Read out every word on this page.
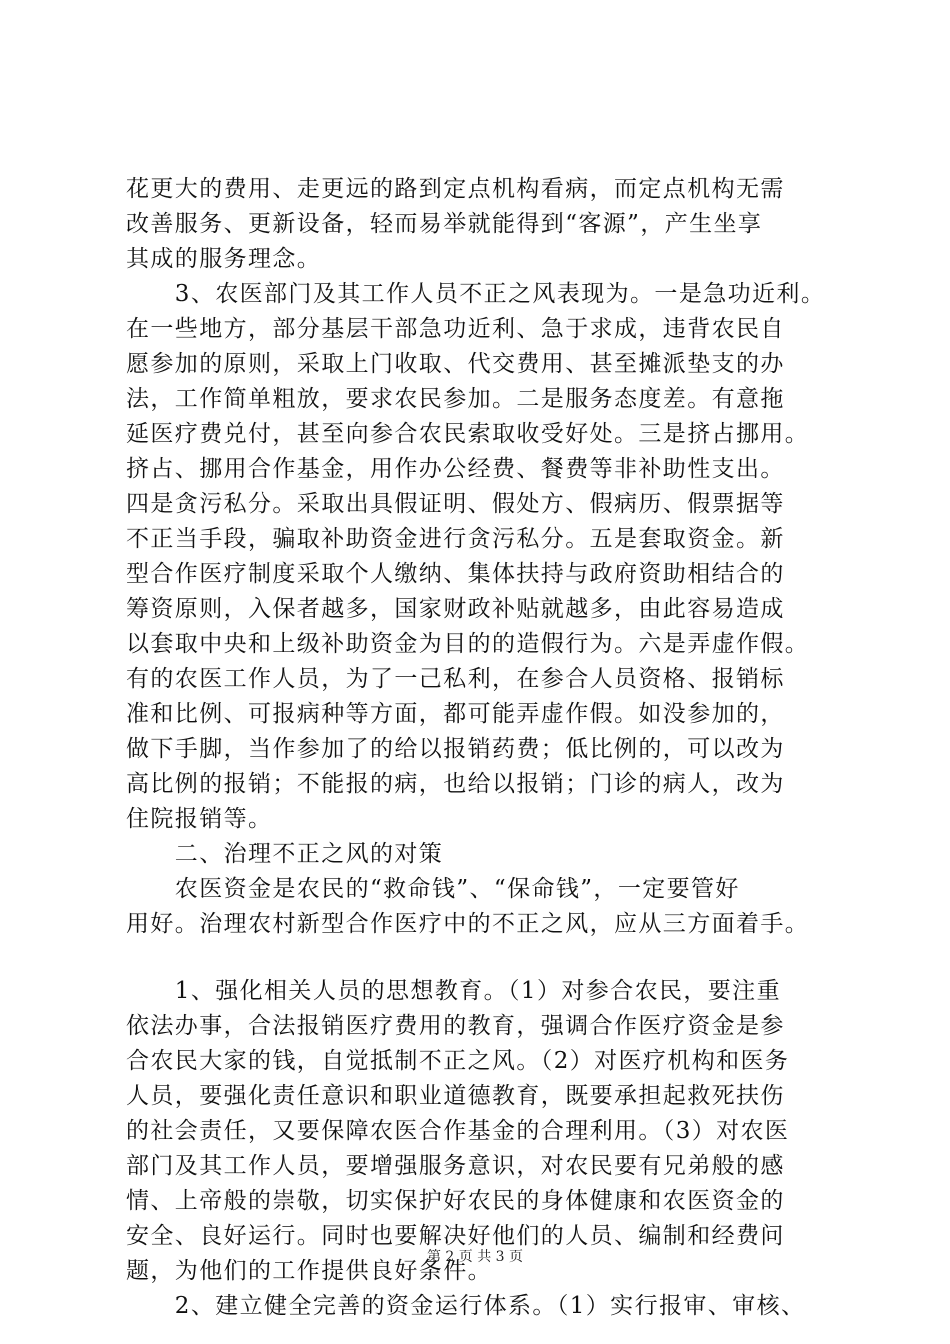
花更大的费用、走更远的路到定点机构看病，而定点机构无需
改善服务、更新设备，轻而易举就能得到“客源”，产生坐享
其成的服务理念。
　　3、农医部门及其工作人员不正之风表现为。一是急功近利。
在一些地方，部分基层干部急功近利、急于求成，违背农民自
愿参加的原则，采取上门收取、代交费用、甚至摊派垫支的办
法，工作简单粗放，要求农民参加。二是服务态度差。有意拖
延医疗费兑付，甚至向参合农民索取收受好处。三是挤占挪用。
挤占、挪用合作基金，用作办公经费、餐费等非补助性支出。
四是贪污私分。采取出具假证明、假处方、假病历、假票据等
不正当手段，骗取补助资金进行贪污私分。五是套取资金。新
型合作医疗制度采取个人缴纳、集体扶持与政府资助相结合的
筹资原则，入保者越多，国家财政补贴就越多，由此容易造成
以套取中央和上级补助资金为目的的造假行为。六是弄虚作假。
有的农医工作人员，为了一己私利，在参合人员资格、报销标
准和比例、可报病种等方面，都可能弄虚作假。如没参加的，
做下手脚，当作参加了的给以报销药费；低比例的，可以改为
高比例的报销；不能报的病，也给以报销；门诊的病人，改为
住院报销等。
　　二、治理不正之风的对策
　　农医资金是农民的“救命钱”、“保命钱”，一定要管好
用好。治理农村新型合作医疗中的不正之风，应从三方面着手。
　　1、强化相关人员的思想教育。（1）对参合农民，要注重
依法办事，合法报销医疗费用的教育，强调合作医疗资金是参
合农民大家的钱，自觉抵制不正之风。（2）对医疗机构和医务
人员，要强化责任意识和职业道德教育，既要承担起救死扶伤
的社会责任，又要保障农医合作基金的合理利用。（3）对农医
部门及其工作人员，要增强服务意识，对农民要有兄弟般的感
情、上帝般的崇敬，切实保护好农民的身体健康和农医资金的
安全、良好运行。同时也要解决好他们的人员、编制和经费问
题，为他们的工作提供良好条件。
　　2、建立健全完善的资金运行体系。（1）实行报审、审核、
第 2 页 共 3 页
